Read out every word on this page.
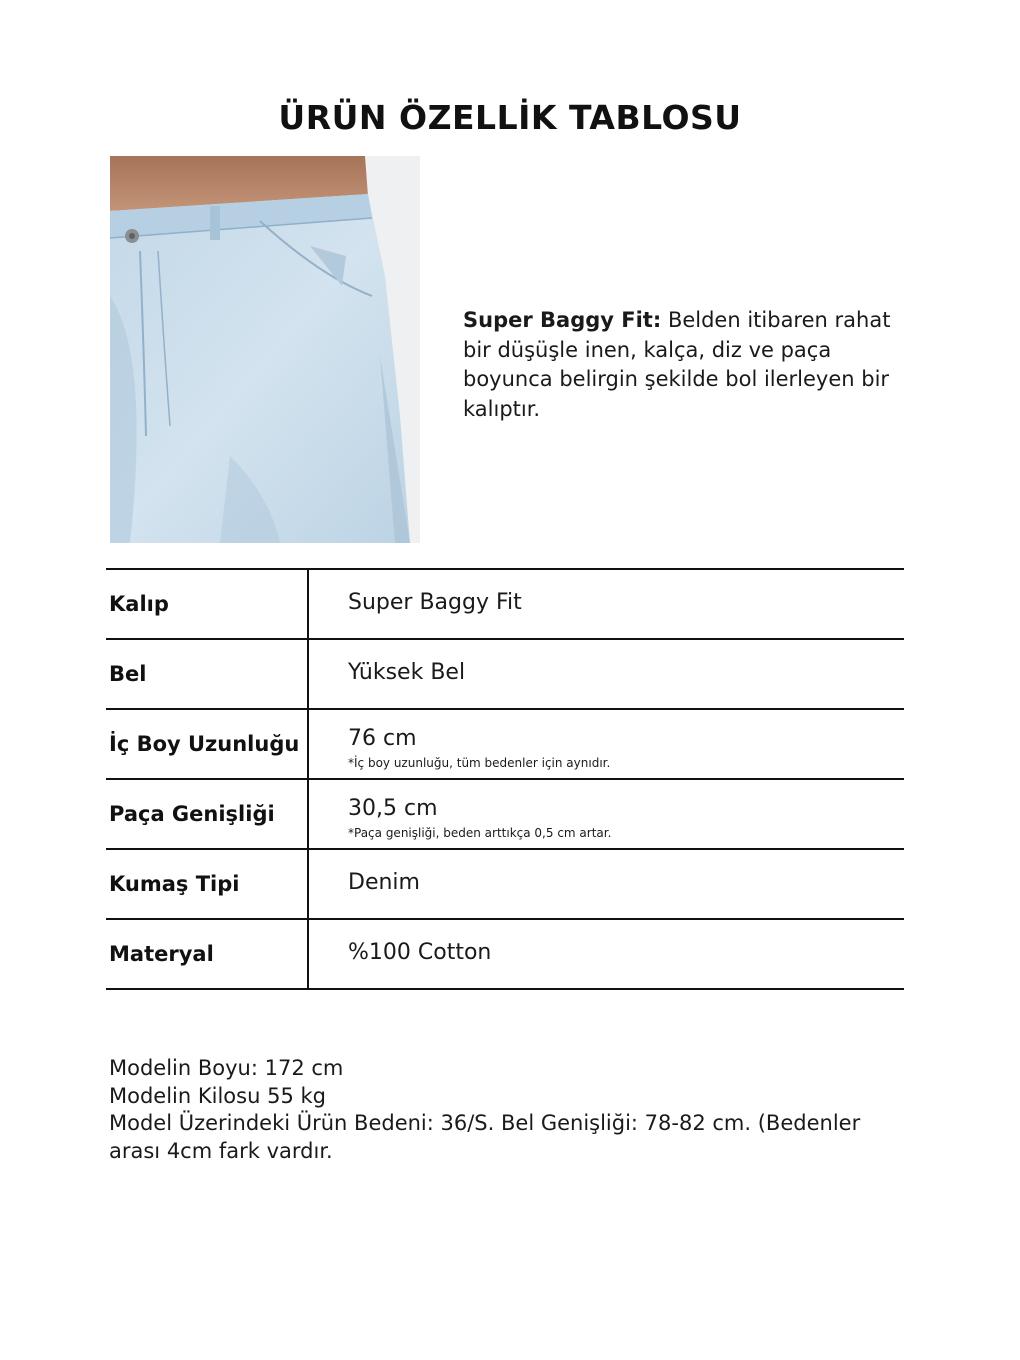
ÜRÜN ÖZELLİK TABLOSU
Super Baggy Fit: Belden itibaren rahat bir düşüşle inen, kalça, diz ve paça boyunca belirgin şekilde bol ilerleyen bir kalıptır.
Kalıp	Super Baggy Fit
Bel	Yüksek Bel
İç Boy Uzunluğu 76 cm
*İç boy uzunluğu, tüm bedenler için aynıdır.
Paça Genişliği	30,5 cm
*Paça genişliği, beden arttıkça 0,5 cm artar.
Kumaş Tipi	Denim
Materyal	%100 Cotton
Modelin Boyu: 172 cm
Modelin Kilosu 55 kg
Model Üzerindeki Ürün Bedeni: 36/S. Bel Genişliği: 78-82 cm. (Bedenler
arası 4cm fark vardır.
